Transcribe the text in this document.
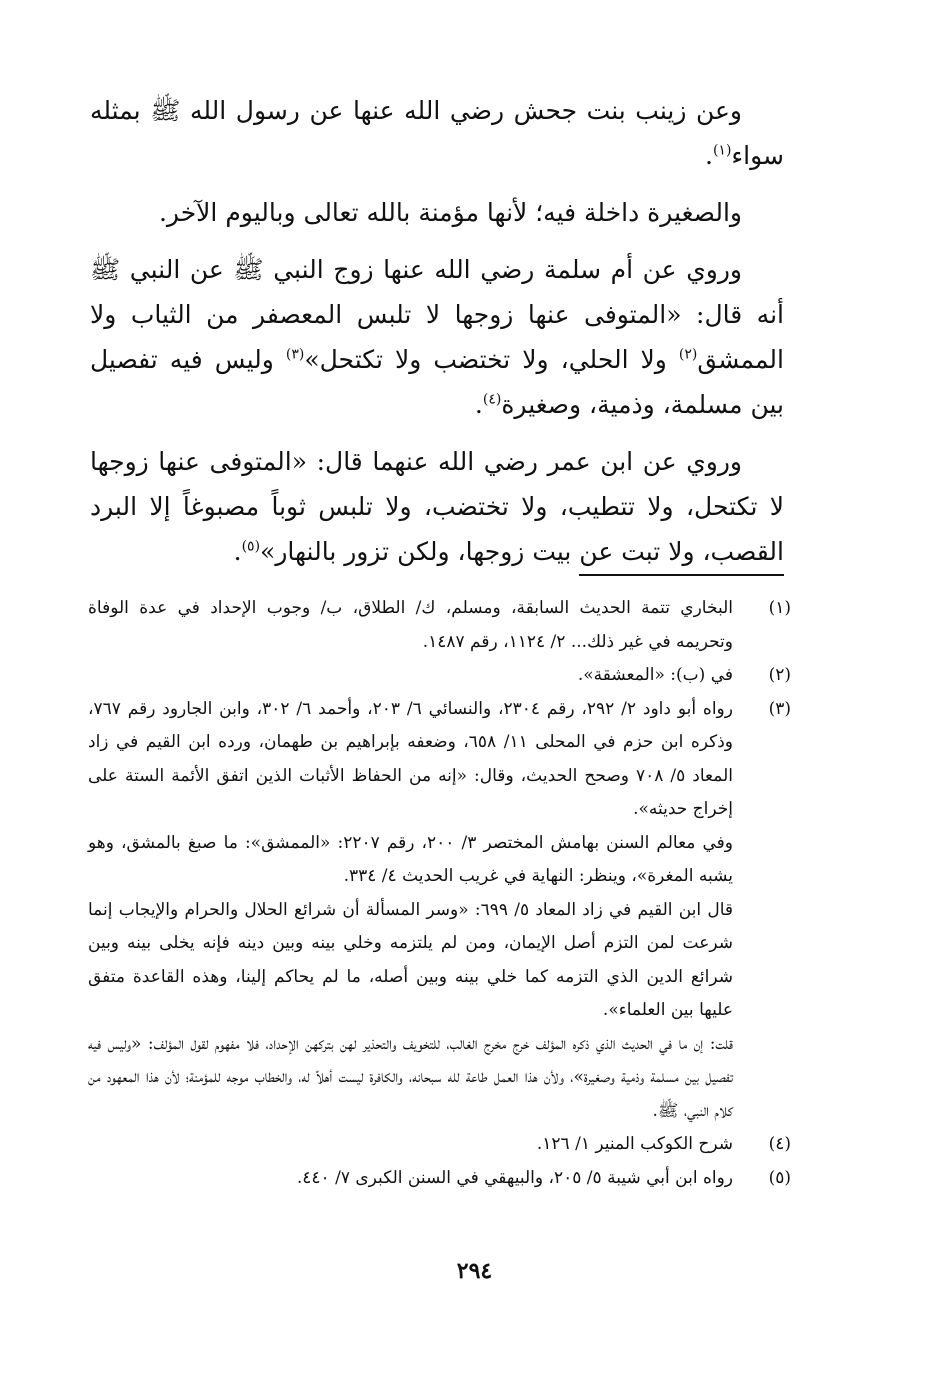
وعن زينب بنت جحش رضي الله عنها عن رسول الله ﷺ بمثله سواء$^{(١)}$.

والصغيرة داخلة فيه؛ لأنها مؤمنة بالله تعالى وباليوم الآخر.

وروي عن أم سلمة رضي الله عنها زوج النبي ﷺ عن النبي ﷺ أنه قال: «المتوفى عنها زوجها لا تلبس المعصفر من الثياب ولا الممشق$^{(٢)}$ ولا الحلي، ولا تختضب ولا تكتحل»$^{(٣)}$ وليس فيه تفصيل بين مسلمة، وذمية، وصغيرة$^{(٤)}$.

وروي عن ابن عمر رضي الله عنهما قال: «المتوفى عنها زوجها لا تكتحل، ولا تتطيب، ولا تختضب، ولا تلبس ثوباً مصبوغاً إلا البرد القصب، ولا تبت عن بيت زوجها، ولكن تزور بالنهار»$^{(٥)}$.

(١)

البخاري تتمة الحديث السابقة، ومسلم، ك/ الطلاق، ب/ وجوب الإحداد في عدة الوفاة وتحريمه في غير ذلك... ٢/ ١١٢٤، رقم ١٤٨٧.

(٢)

في (ب): «المعشقة».

(٣)

رواه أبو داود ٢/ ٢٩٢، رقم ٢٣٠٤، والنسائي ٦/ ٢٠٣، وأحمد ٦/ ٣٠٢، وابن الجارود رقم ٧٦٧، وذكره ابن حزم في المحلى ١١/ ٦٥٨، وضعفه بإبراهيم بن طهمان، ورده ابن القيم في زاد المعاد ٥/ ٧٠٨ وصحح الحديث، وقال: «إنه من الحفاظ الأثبات الذين اتفق الأئمة الستة على إخراج حديثه».

وفي معالم السنن بهامش المختصر ٣/ ٢٠٠، رقم ٢٢٠٧: «الممشق»: ما صبغ بالمشق، وهو يشبه المغرة»، وينظر: النهاية في غريب الحديث ٤/ ٣٣٤.

قال ابن القيم في زاد المعاد ٥/ ٦٩٩: «وسر المسألة أن شرائع الحلال والحرام والإيجاب إنما شرعت لمن التزم أصل الإيمان، ومن لم يلتزمه وخلي بينه وبين دينه فإنه يخلى بينه وبين شرائع الدين الذي التزمه كما خلي بينه وبين أصله، ما لم يحاكم إلينا، وهذه القاعدة متفق عليها بين العلماء».

قلت: إن ما في الحديث الذي ذكره المؤلف خرج مخرج الغالب، للتخويف والتحذير لهن بتركهن الإحداد، فلا مفهوم لقول المؤلف: «وليس فيه تفصيل بين مسلمة وذمية وصغيرة»، ولأن هذا العمل طاعة لله سبحانه، والكافرة ليست أهلاً له، والخطاب موجه للمؤمنة؛ لأن هذا المعهود من كلام النبي، ﷺ.

(٤)

شرح الكوكب المنير ١/ ١٢٦.

(٥)

رواه ابن أبي شيبة ٥/ ٢٠٥، والبيهقي في السنن الكبرى ٧/ ٤٤٠.

٢٩٤
